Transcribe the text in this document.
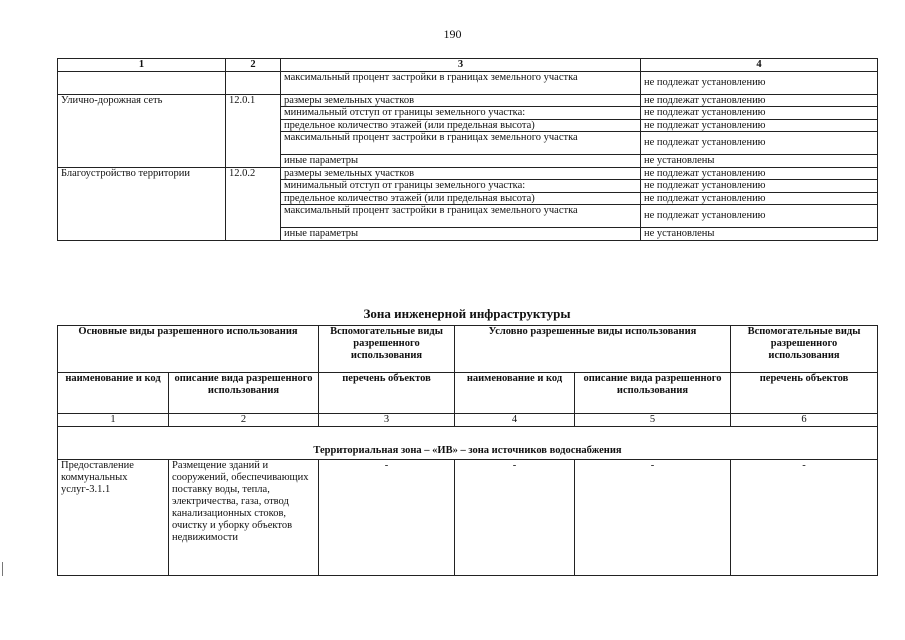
190
1	2	3	4
		максимальный процент застройки в границах земельного участка	не подлежат установлению
Улично-дорожная сеть	12.0.1	размеры земельных участков	не подлежат установлению
		минимальный отступ от границы земельного участка:	не подлежат установлению
		предельное количество этажей (или предельная высота)	не подлежат установлению
		максимальный процент застройки в границах земельного участка	не подлежат установлению
		иные параметры	не установлены
Благоустройство территории	12.0.2	размеры земельных участков	не подлежат установлению
		минимальный отступ от границы земельного участка:	не подлежат установлению
		предельное количество этажей (или предельная высота)	не подлежат установлению
		максимальный процент застройки в границах земельного участка	не подлежат установлению
		иные параметры	не установлены
Зона инженерной инфраструктуры
Основные виды разрешенного использования		Вспомогательные виды разрешенного использования	Условно разрешенные виды использования		Вспомогательные виды разрешенного использования
наименование и код	описание вида разрешенного использования	перечень объектов	наименование и код	описание вида разрешенного использования	перечень объектов
1	2	3	4	5	6
Территориальная зона – «ИВ» – зона источников водоснабжения					
Предоставление коммунальных услуг-3.1.1	Размещение зданий и сооружений, обеспечивающих поставку воды, тепла, электричества, газа, отвод канализационных стоков, очистку и уборку объектов недвижимости	-	-	-	-
